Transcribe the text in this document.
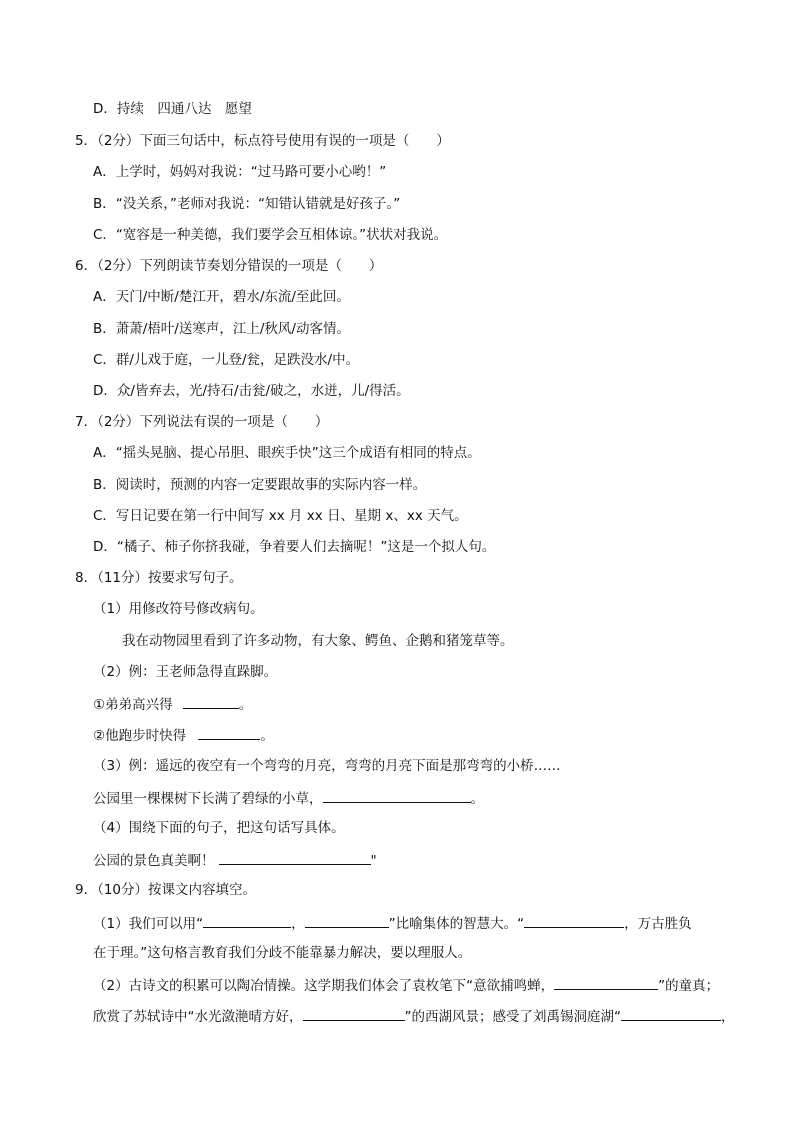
D．持续　四通八达　愿望
5．（2分）下面三句话中，标点符号使用有误的一项是（　　）
A．上学时，妈妈对我说：“过马路可要小心哟！”
B．“没关系，”老师对我说：“知错认错就是好孩子。”
C．“宽容是一种美德，我们要学会互相体谅。”状状对我说。
6．（2分）下列朗读节奏划分错误的一项是（　　）
A．天门/中断/楚江开，碧水/东流/至此回。
B．萧萧/梧叶/送寒声，江上/秋风/动客情。
C．群/儿戏于庭，一儿登/瓮，足跌没水/中。
D．众/皆弃去，光/持石/击瓮/破之，水迸，儿/得活。
7．（2分）下列说法有误的一项是（　　）
A．“摇头晃脑、提心吊胆、眼疾手快”这三个成语有相同的特点。
B．阅读时，预测的内容一定要跟故事的实际内容一样。
C．写日记要在第一行中间写 xx 月 xx 日、星期 x、xx 天气。
D．“橘子、柿子你挤我碰，争着要人们去摘呢！”这是一个拟人句。
8．（11分）按要求写句子。
（1）用修改符号修改病句。
我在动物园里看到了许多动物，有大象、鳄鱼、企鹅和猪笼草等。
（2）例：王老师急得直跺脚。
①弟弟高兴得	。
②他跑步时快得	。
（3）例：遥远的夜空有一个弯弯的月亮，弯弯的月亮下面是那弯弯的小桥……
公园里一棵棵树下长满了碧绿的小草，	。
（4）围绕下面的句子，把这句话写具体。
公园的景色真美啊！	"
9．（10分）按课文内容填空。
（1）我们可以用“	，	”比喻集体的智慧大。“	，万古胜负
在于理。”这句格言教育我们分歧不能靠暴力解决，要以理服人。
（2）古诗文的积累可以陶冶情操。这学期我们体会了袁枚笔下“意欲捕鸣蝉，	”的童真；
欣赏了苏轼诗中“水光潋滟晴方好，	”的西湖风景；感受了刘禹锡洞庭湖“	，
